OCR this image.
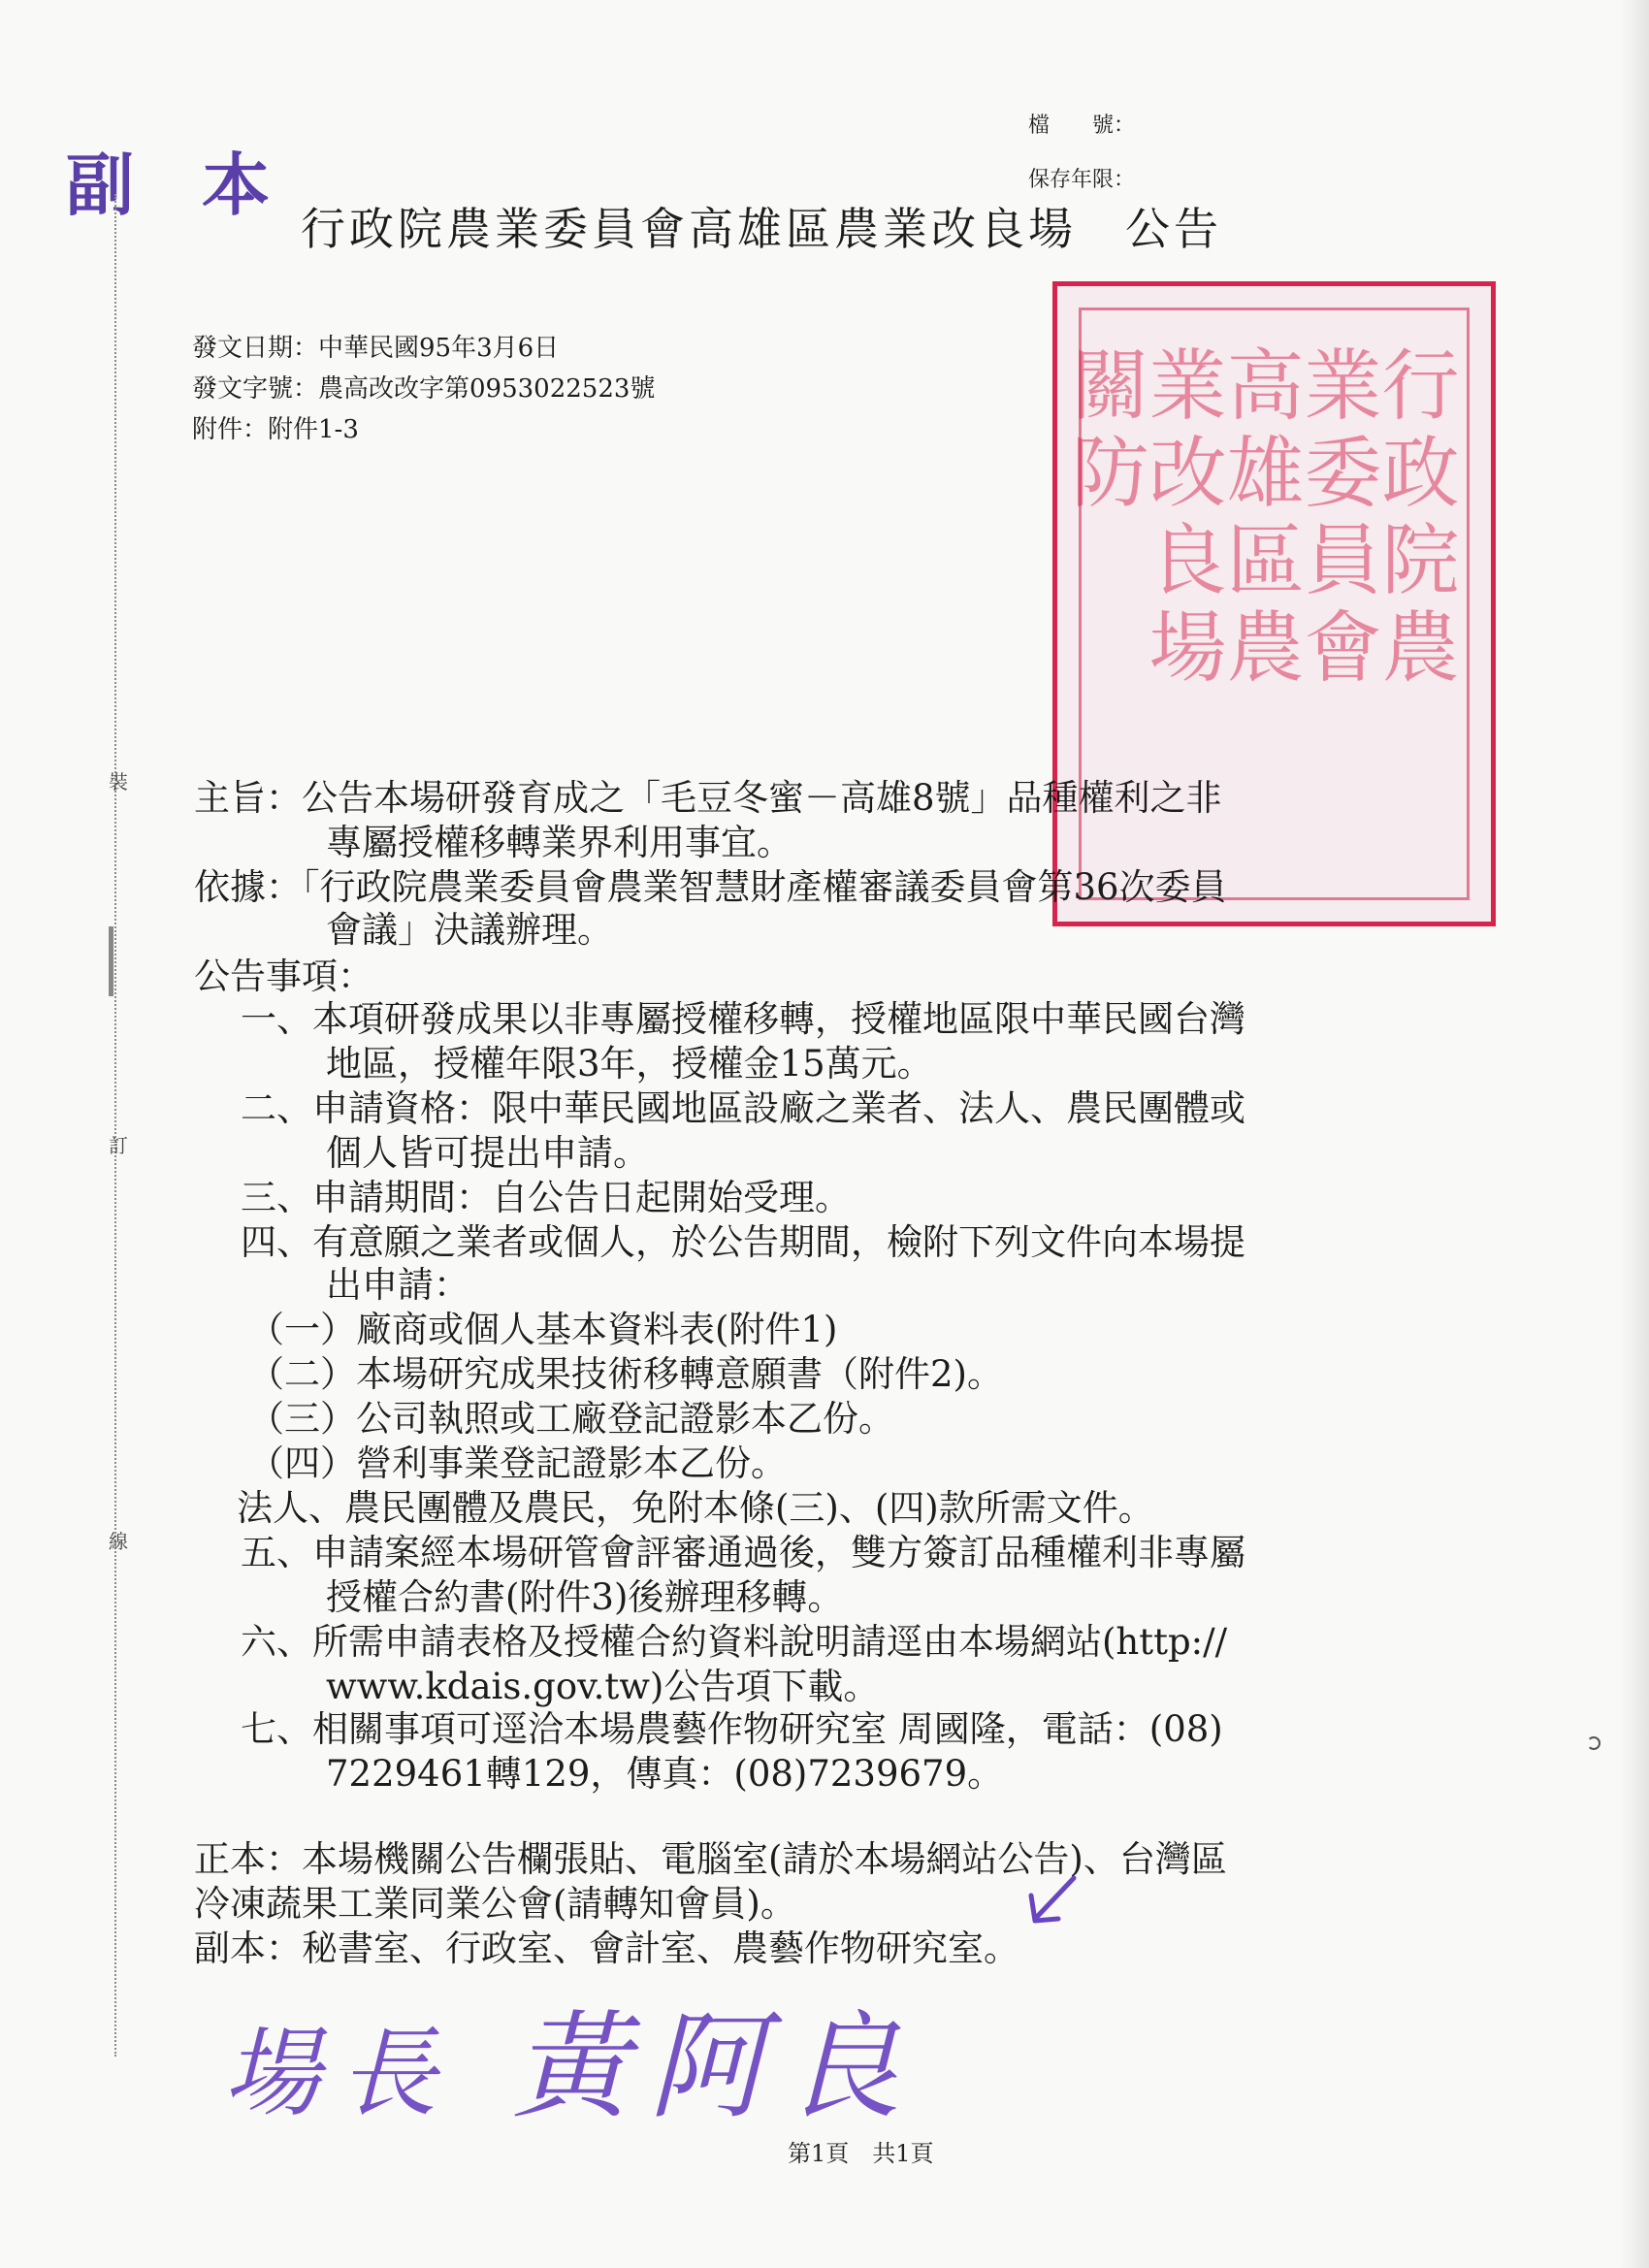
副本
檔　　號：
保存年限：
行政院農業委員會高雄區農業改良場　公告
發文日期：中華民國95年3月6日
發文字號：農高改改字第0953022523號
附件：附件1-3	行政院農
業委員會
高雄區農
業改良場
關防
裝
訂
線
主旨：公告本場研發育成之「毛豆冬蜜－高雄8號」品種權利之非
專屬授權移轉業界利用事宜。
依據：「行政院農業委員會農業智慧財產權審議委員會第36次委員
會議」決議辦理。
公告事項：
一、本項研發成果以非專屬授權移轉，授權地區限中華民國台灣
地區，授權年限3年，授權金15萬元。
二、申請資格：限中華民國地區設廠之業者、法人、農民團體或
個人皆可提出申請。
三、申請期間：自公告日起開始受理。
四、有意願之業者或個人，於公告期間，檢附下列文件向本場提
出申請：
（一）廠商或個人基本資料表(附件1)
（二）本場研究成果技術移轉意願書（附件2)。
（三）公司執照或工廠登記證影本乙份。
（四）營利事業登記證影本乙份。
法人、農民團體及農民，免附本條(三)、(四)款所需文件。
五、申請案經本場研管會評審通過後，雙方簽訂品種權利非專屬
授權合約書(附件3)後辦理移轉。
六、所需申請表格及授權合約資料說明請逕由本場網站(http://
www.kdais.gov.tw)公告項下載。
七、相關事項可逕洽本場農藝作物研究室 周國隆，電話：(08)
7229461轉129，傳真：(08)7239679。
正本：本場機關公告欄張貼、電腦室(請於本場網站公告)、台灣區
冷凍蔬果工業同業公會(請轉知會員)。
副本：秘書室、行政室、會計室、農藝作物研究室。
場長 黃阿良
第1頁　共1頁
